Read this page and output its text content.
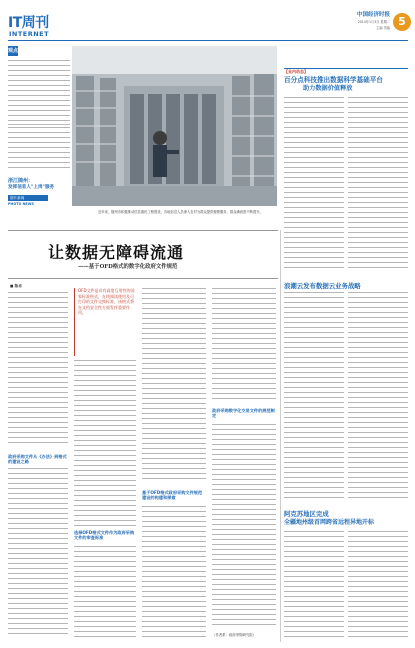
IT周刊
INTERNET
中国经济时报
2014年1月3日 星期二
主编 责编 5
观点
浙江随州：
发挥信息人"上岗"服务
图片新闻
PHOTO NEWS
近年来，随州市积极推动信息惠民工程建设，各地信息人员深入农村为群众提供便捷服务，群众满意度不断提升。
【业内动态】
百分点科技推出数据科学基础平台
助力数据价值释放
浪潮云发布数据云业务战略
阿克苏地区完成
全疆地州级首网跨省远程异地开标
让数据无障碍流通
——基于OFD格式的数字化政府文件规范
■ 陈卓
政府采购文件从《办法》到格式的建设之路
OFD文件是具有高度互用性的国家标准格式，在线阅读使用及可打印的文件交换标准，该格式将在文档安全性方面发挥重要作用。
选择OFD格式文件作为政府采购文件的审查标准
基于OFD格式政府采购文件规范建设的构建和探索
政府采购数字化交易文件的规范制定
（作者系：政府采购研究院）
